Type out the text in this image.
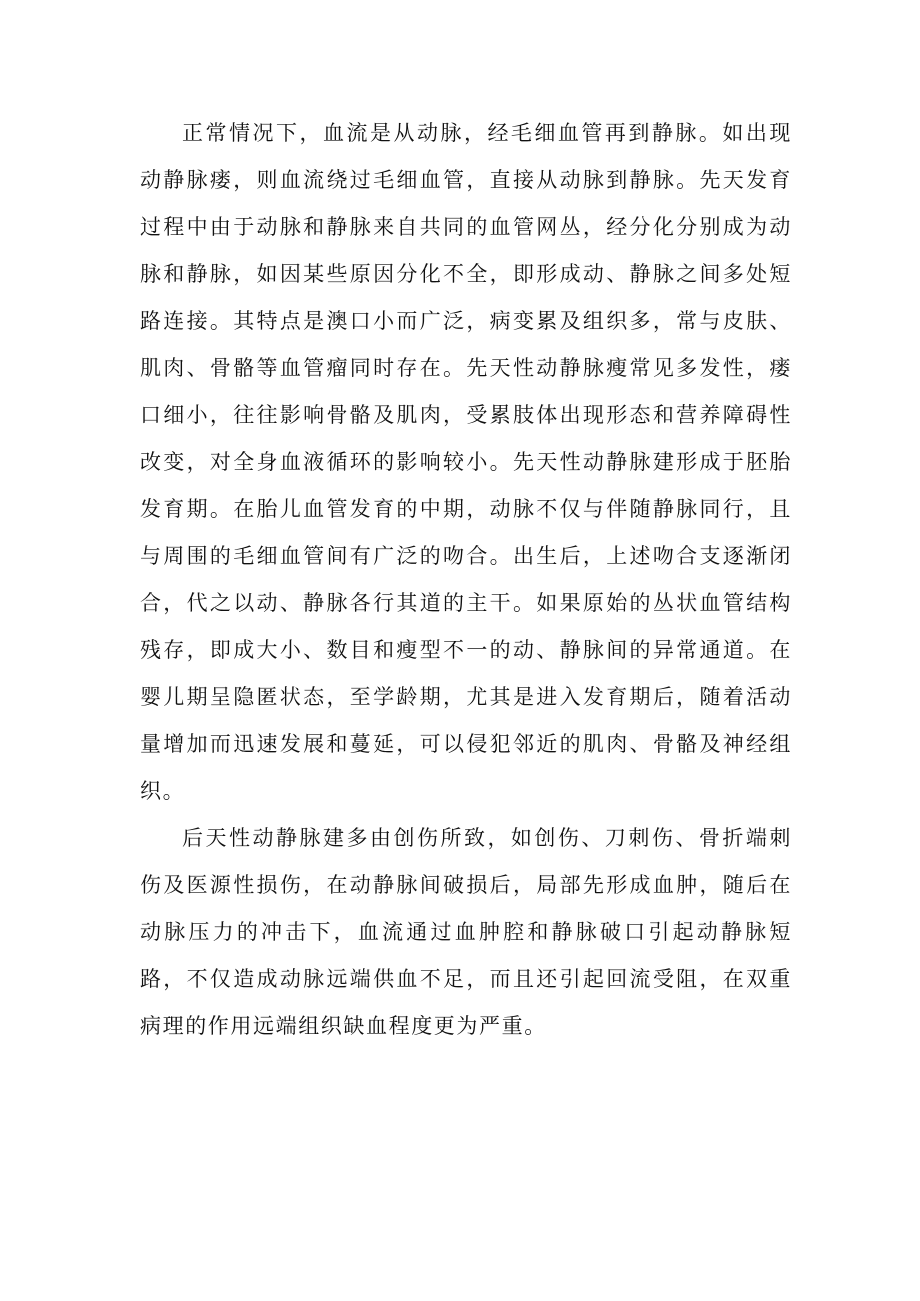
正常情况下，血流是从动脉，经毛细血管再到静脉。如出现动静脉瘘，则血流绕过毛细血管，直接从动脉到静脉。先天发育过程中由于动脉和静脉来自共同的血管网丛，经分化分别成为动脉和静脉，如因某些原因分化不全，即形成动、静脉之间多处短路连接。其特点是澳口小而广泛，病变累及组织多，常与皮肤、肌肉、骨骼等血管瘤同时存在。先天性动静脉瘦常见多发性，瘘口细小，往往影响骨骼及肌肉，受累肢体出现形态和营养障碍性改变，对全身血液循环的影响较小。先天性动静脉建形成于胚胎发育期。在胎儿血管发育的中期，动脉不仅与伴随静脉同行，且与周围的毛细血管间有广泛的吻合。出生后，上述吻合支逐渐闭合，代之以动、静脉各行其道的主干。如果原始的丛状血管结构残存，即成大小、数目和瘦型不一的动、静脉间的异常通道。在婴儿期呈隐匿状态，至学龄期，尤其是进入发育期后，随着活动量增加而迅速发展和蔓延，可以侵犯邻近的肌肉、骨骼及神经组织。

后天性动静脉建多由创伤所致，如创伤、刀刺伤、骨折端刺伤及医源性损伤，在动静脉间破损后，局部先形成血肿，随后在动脉压力的冲击下，血流通过血肿腔和静脉破口引起动静脉短路，不仅造成动脉远端供血不足，而且还引起回流受阻，在双重病理的作用远端组织缺血程度更为严重。
